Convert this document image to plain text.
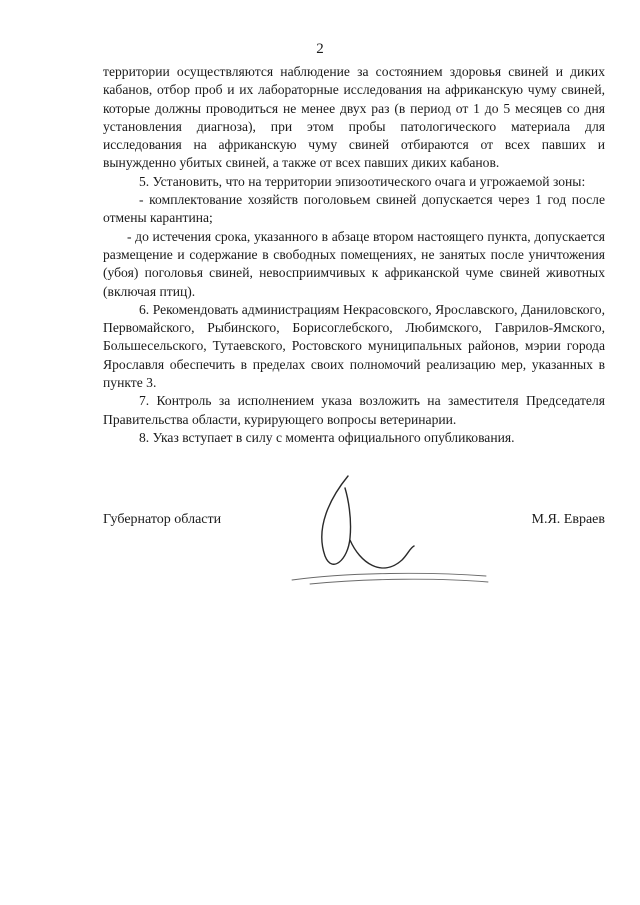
2

территории осуществляются наблюдение за состоянием здоровья свиней и диких кабанов, отбор проб и их лабораторные исследования на африканскую чуму свиней, которые должны проводиться не менее двух раз (в период от 1 до 5 месяцев со дня установления диагноза), при этом пробы патологического материала для исследования на африканскую чуму свиней отбираются от всех павших и вынужденно убитых свиней, а также от всех павших диких кабанов.

5. Установить, что на территории эпизоотического очага и угрожаемой зоны:

- комплектование хозяйств поголовьем свиней допускается через 1 год после отмены карантина;

- до истечения срока, указанного в абзаце втором настоящего пункта, допускается размещение и содержание в свободных помещениях, не занятых после уничтожения (убоя) поголовья свиней, невосприимчивых к африканской чуме свиней животных (включая птиц).

6. Рекомендовать администрациям Некрасовского, Ярославского, Даниловского, Первомайского, Рыбинского, Борисоглебского, Любимского, Гаврилов-Ямского, Большесельского, Тутаевского, Ростовского муниципальных районов, мэрии города Ярославля обеспечить в пределах своих полномочий реализацию мер, указанных в пункте 3.

7. Контроль за исполнением указа возложить на заместителя Председателя Правительства области, курирующего вопросы ветеринарии.

8. Указ вступает в силу с момента официального опубликования.

Губернатор области	М.Я. Евраев
